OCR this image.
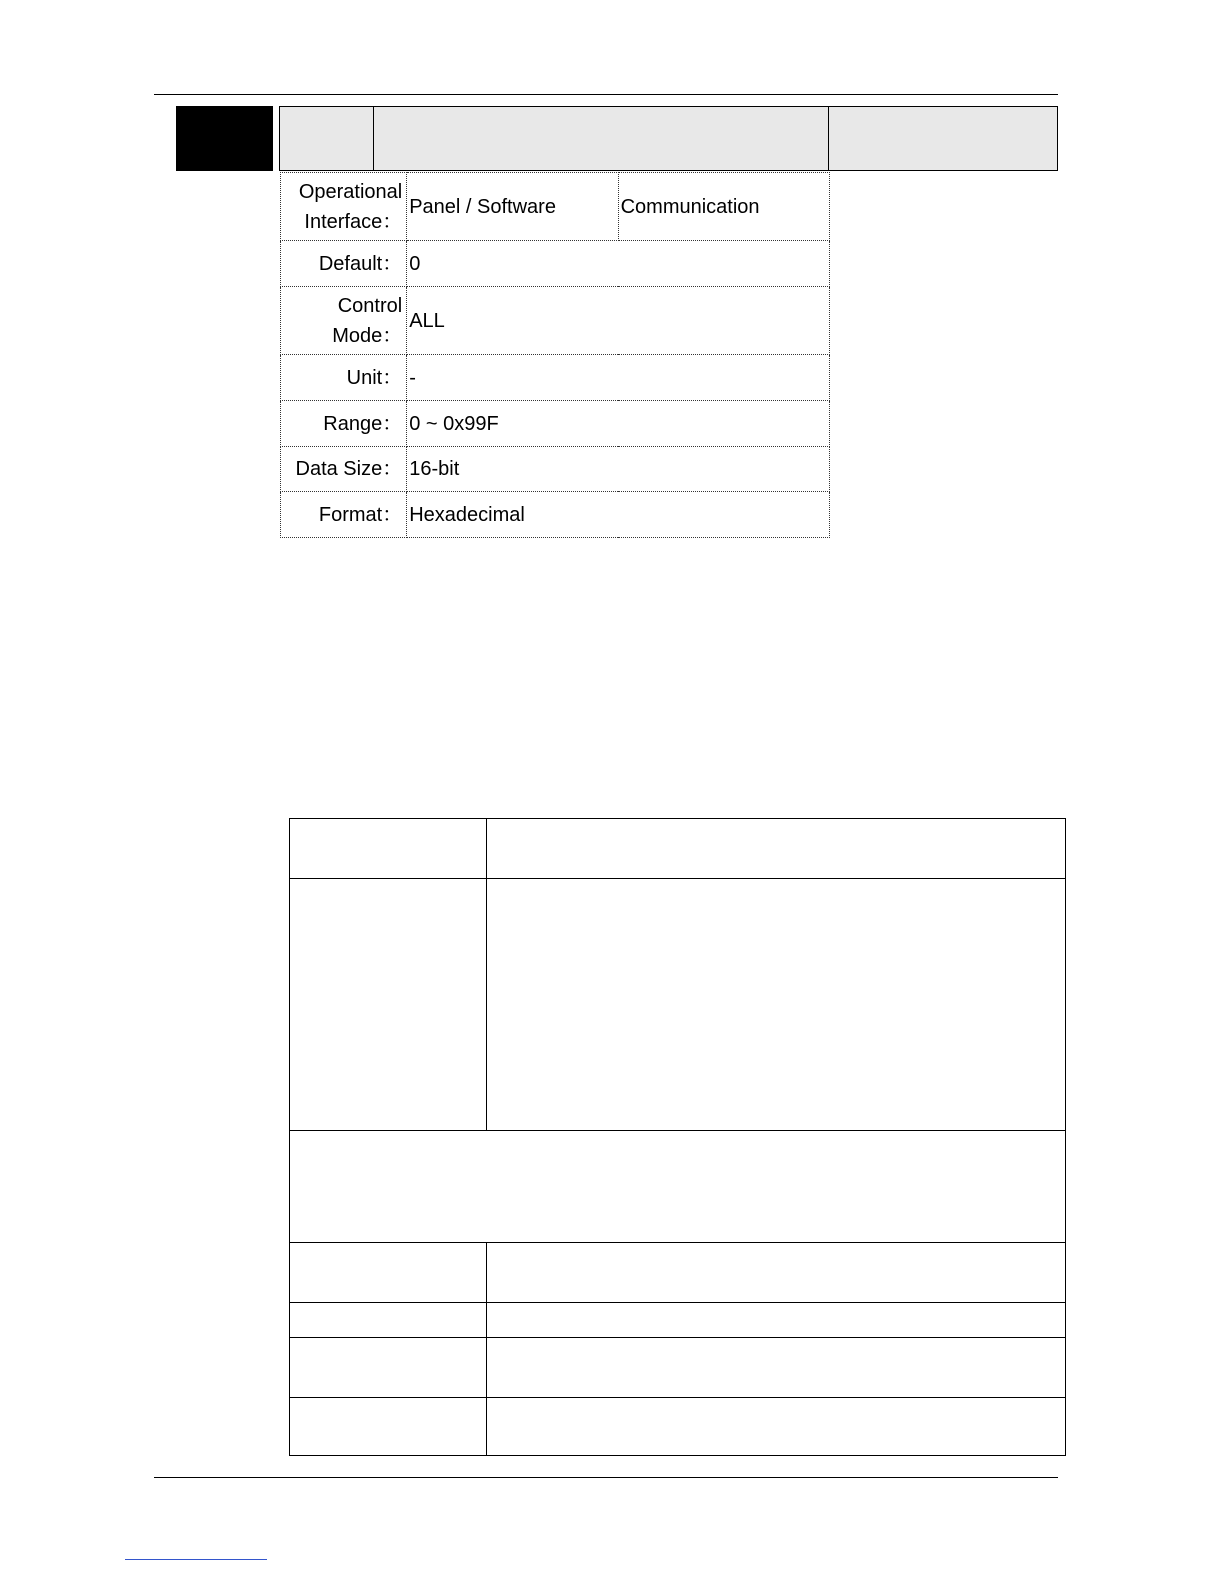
Operational Interface：	Panel / Software	Communication
Default：	0	
Control Mode：	ALL	
Unit：	-	
Range：	0 ~ 0x99F	
Data Size：	16-bit	
Format：	Hexadecimal	
